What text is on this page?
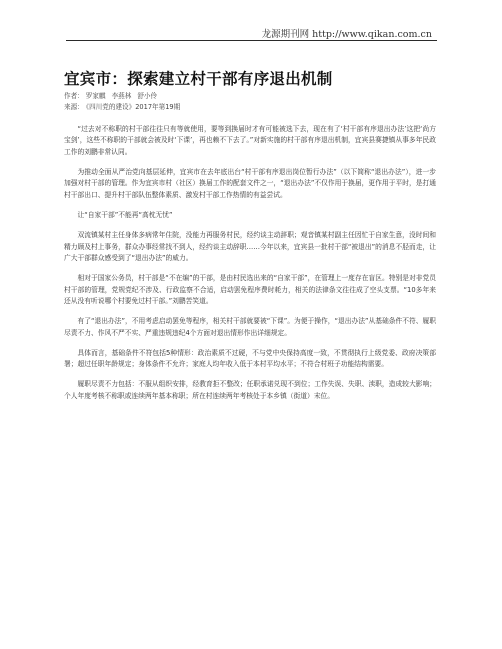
龙源期刊网 http://www.qikan.com.cn
宜宾市：探索建立村干部有序退出机制
作者： 罗家麒 李燕林 舒小伶
来源： 《四川党的建设》2017年第19期

“过去对不称职的村干部往往只有等就使用，要等到换届时才有可能被选下去，现在有了‘村干部有序退出办法’这把‘尚方宝剑’，这些不称职的干部就会被及时‘下课’，再也赖不下去了。”对新实施的村干部有序退出机制，宜宾县赛捷镇从事多年民政工作的刘鹏非常认同。

为推动全面从严治党向基层延伸，宜宾市在去年底出台“村干部有序退出岗位暂行办法”（以下简称“退出办法”），进一步加强对村干部的管理。作为宜宾市村（社区）换届工作的配套文件之一，“退出办法”不仅作用于换届，更作用于平时，是打通村干部出口、提升村干部队伍整体素质、激发村干部工作热情的有益尝试。

让“自家干部”不能再“高枕无忧”

双流镇某村主任身体多病常年住院，没能力再服务村民，经约谈主动辞职；观音镇某村副主任因忙于自家生意，没时间和精力顾及村上事务，群众办事经常找不到人，经约谈主动辞职……今年以来，宜宾县一批村干部“被退出”的消息不胫而走，让广大干部群众感受到了“退出办法”的威力。

相对于国家公务员，村干部是“不在编”的干部，是由村民选出来的“自家干部”，在管理上一度存在盲区。特别是对非党员村干部的管理，党规党纪不涉及、行政监察不合适，启动罢免程序费时耗力，相关的法律条文往往成了空头支票。“10多年来还从没有听说哪个村要免过村干部。”刘鹏苦笑道。

有了“退出办法”，不用考虑启动罢免等程序，相关村干部就要被“下课”。为便于操作，“退出办法”从基础条件不符、履职尽责不力、作风不严不实、严重违规违纪4个方面对退出情形作出详细规定。

具体而言，基础条件不符包括5种情形：政治素质不过硬，不与党中央保持高度一致，不贯彻执行上级党委、政府决策部署；超过任职年龄规定；身体条件不允许；家庭人均年收入低于本村平均水平；不符合村班子功能结构需要。

履职尽责不力包括：不服从组织安排，经教育拒不整改；任职承诺兑现不到位；工作失误、失职、渎职，造成较大影响；个人年度考核不称职或连续两年基本称职；所在村连续两年考核处于本乡镇（街道）末位。
